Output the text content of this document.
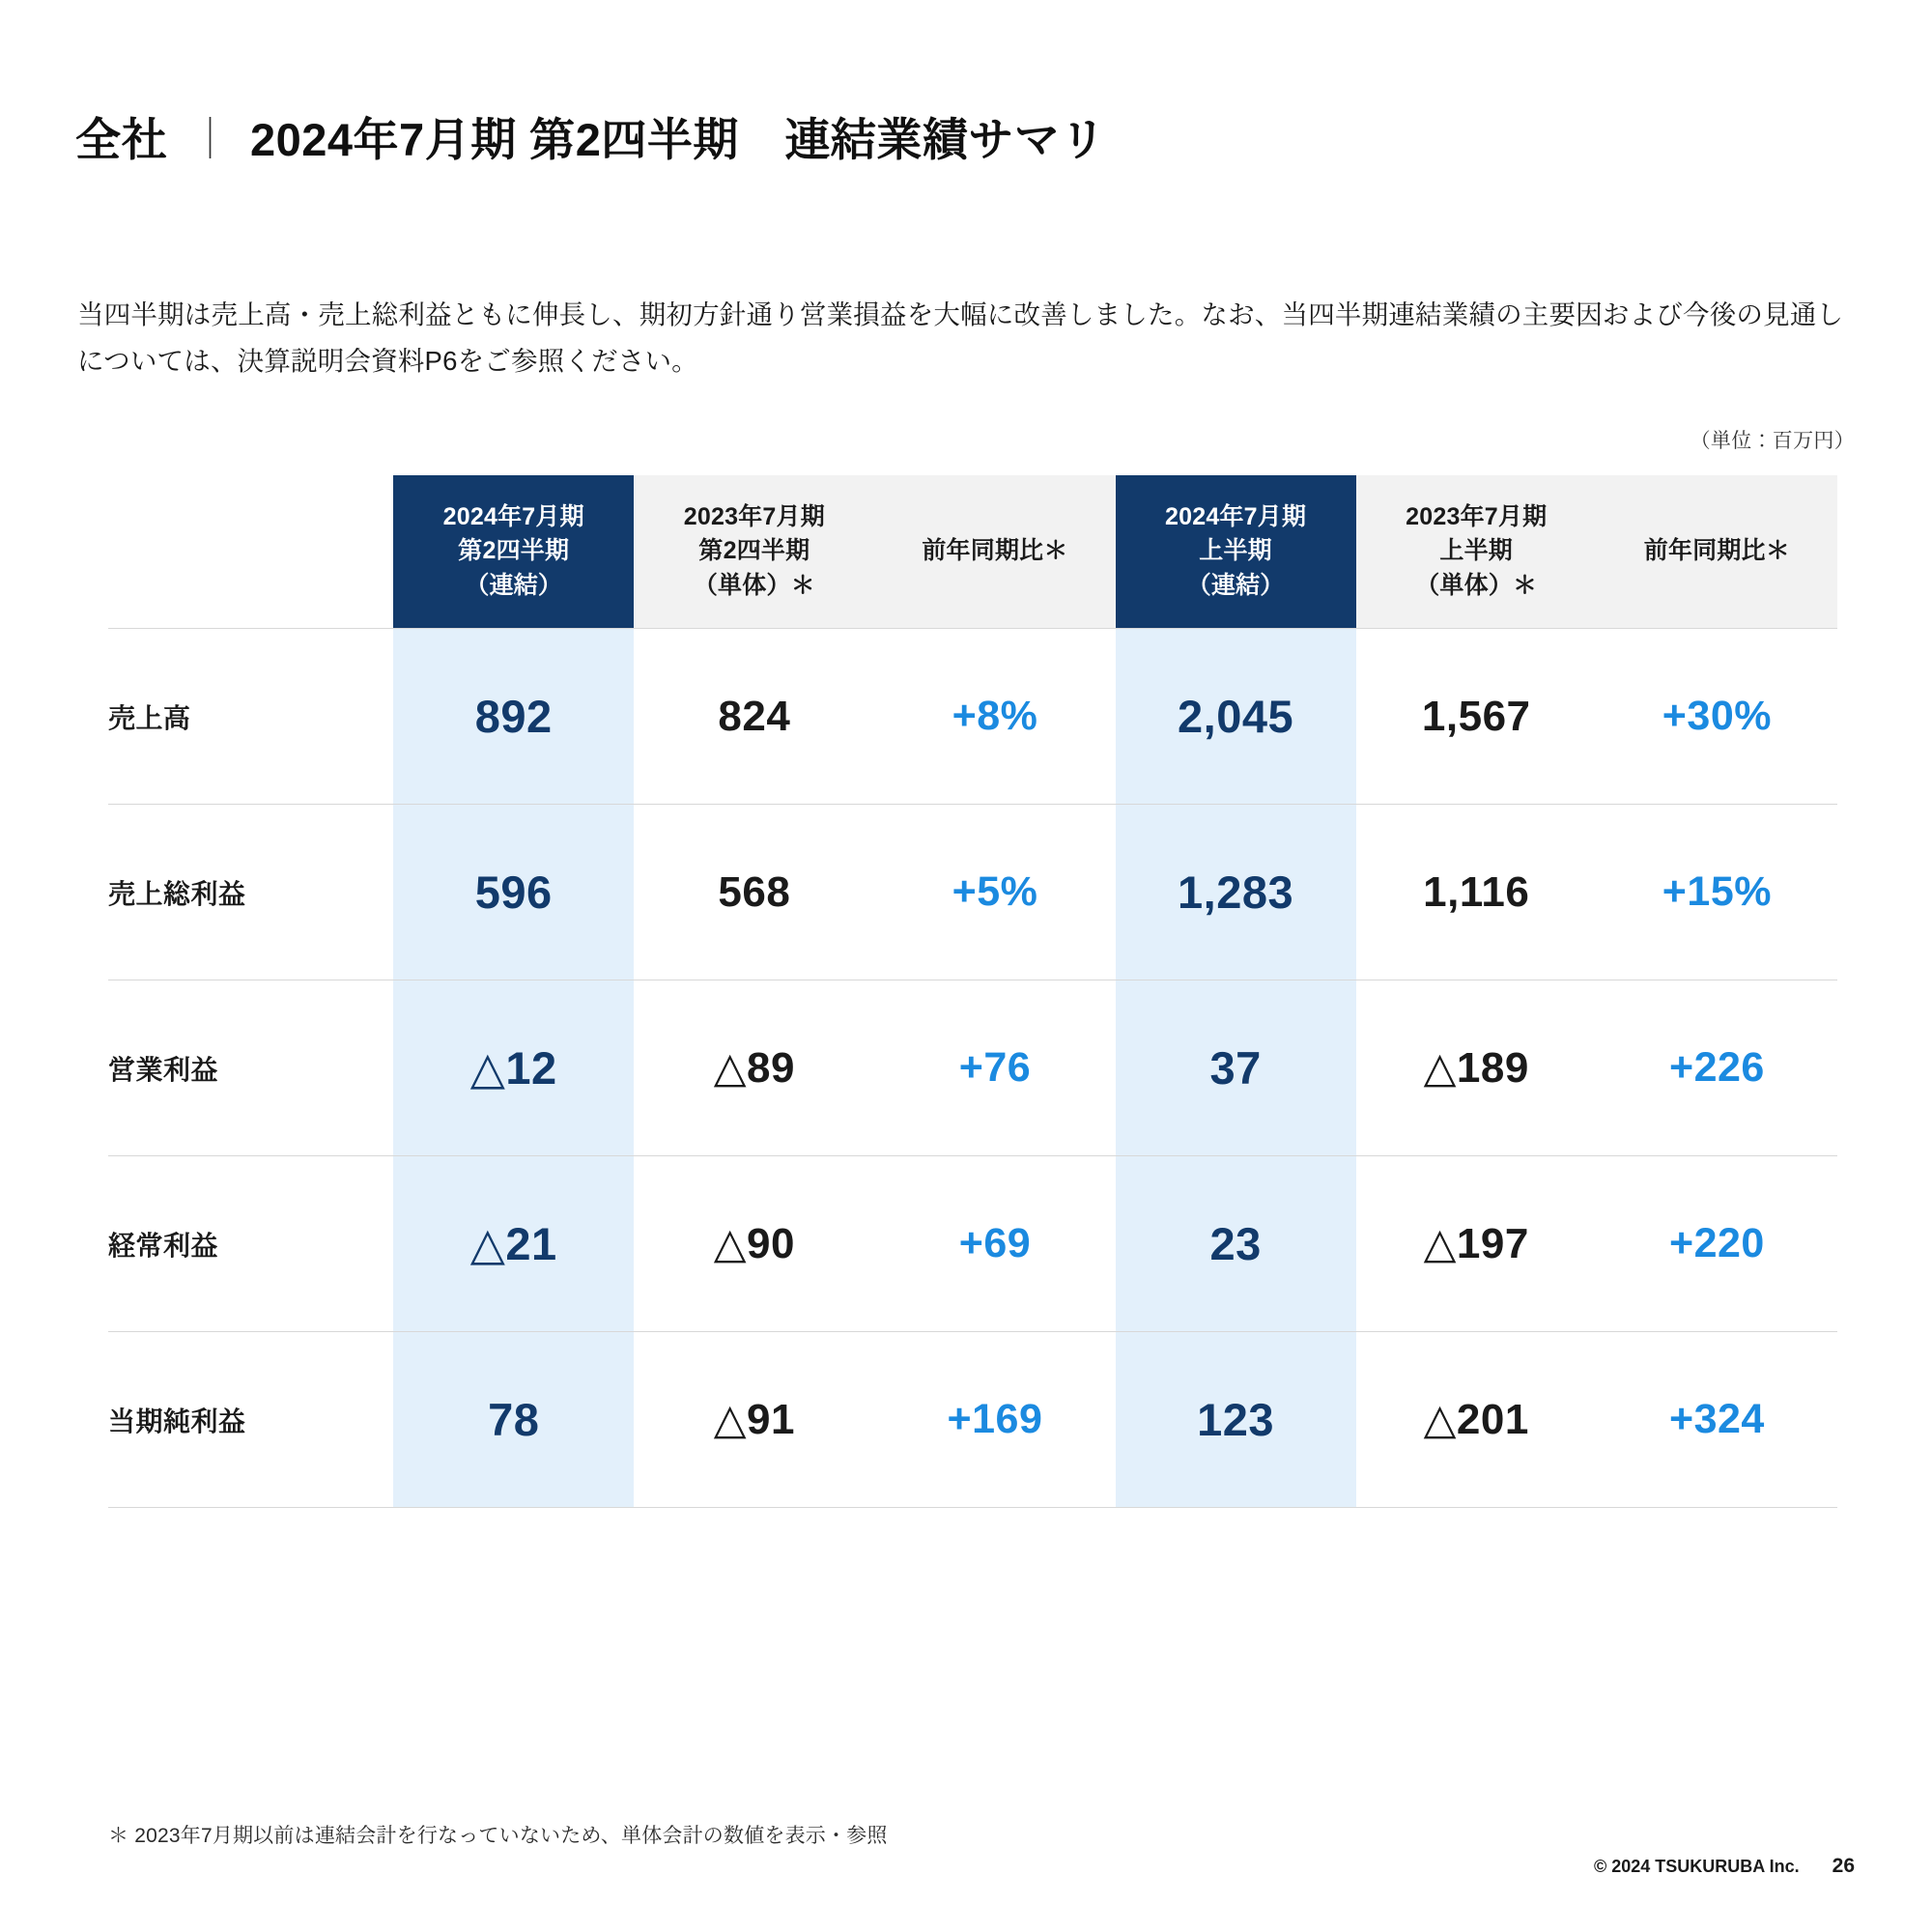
全社 ｜ 2024年7月期 第2四半期　連結業績サマリ
当四半期は売上高・売上総利益ともに伸長し、期初方針通り営業損益を大幅に改善しました。なお、当四半期連結業績の主要因および今後の見通しについては、決算説明会資料P6をご参照ください。
（単位：百万円）

	2024年7月期
第2四半期
（連結）	2023年7月期
第2四半期
（単体）＊	前年同期比＊	2024年7月期
上半期
（連結）	2023年7月期
上半期
（単体）＊	前年同期比＊

売上高	892	824	+8%	2,045	1,567	+30%
売上総利益	596	568	+5%	1,283	1,116	+15%
営業利益	△12	△89	+76	37	△189	+226
経常利益	△21	△90	+69	23	△197	+220
当期純利益	78	△91	+169	123	△201	+324
＊ 2023年7月期以前は連結会計を行なっていないため、単体会計の数値を表示・参照
© 2024 TSUKURUBA Inc. 26
